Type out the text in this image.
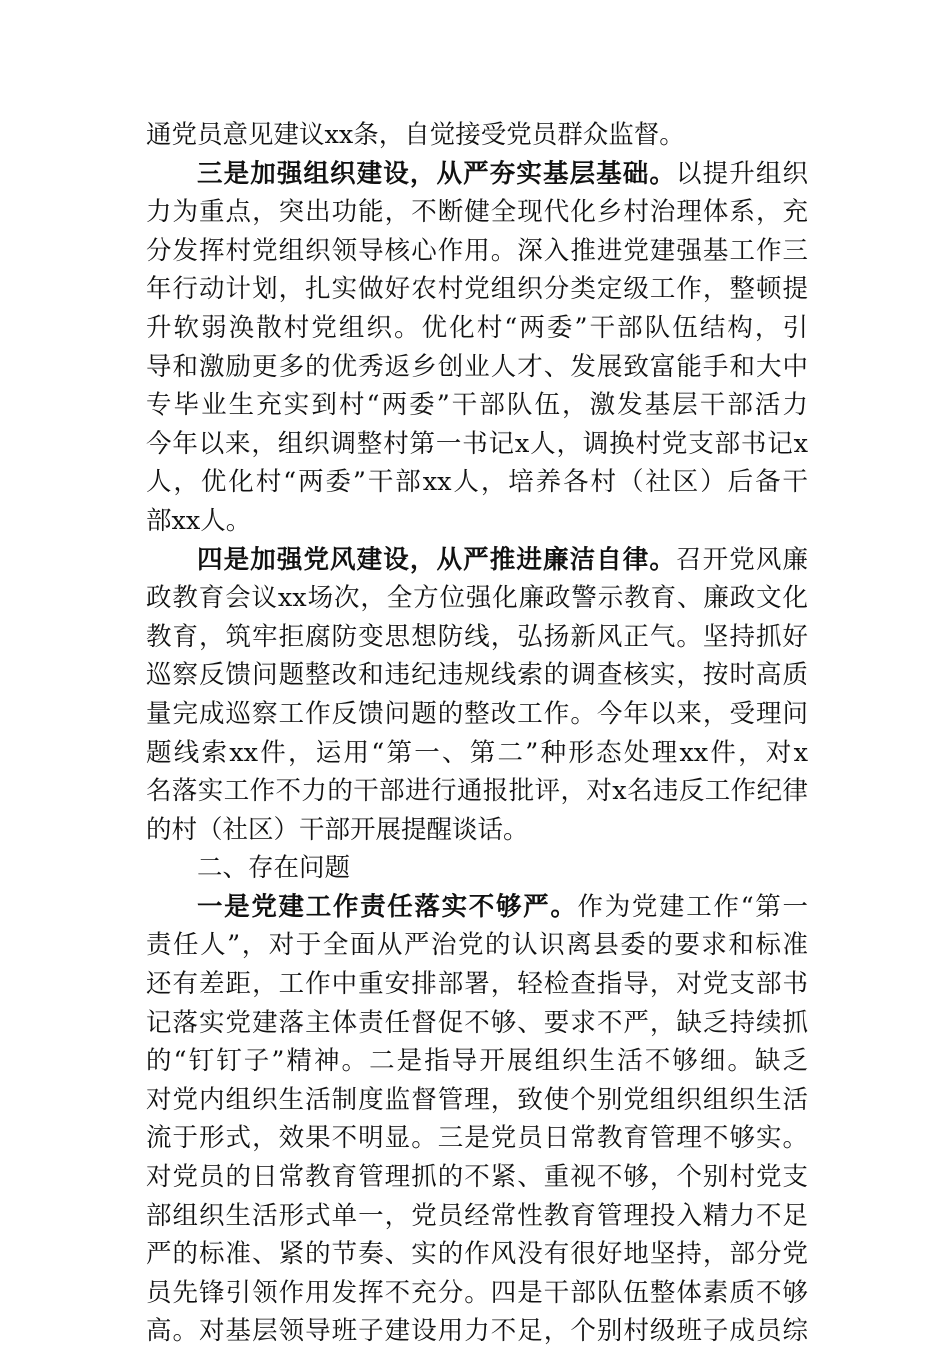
通党员意见建议xx条，自觉接受党员群众监督。
三是加强组织建设，从严夯实基层基础。以提升组织
力为重点，突出功能，不断健全现代化乡村治理体系，充
分发挥村党组织领导核心作用。深入推进党建强基工作三
年行动计划，扎实做好农村党组织分类定级工作，整顿提
升软弱涣散村党组织。优化村“两委”干部队伍结构，引
导和激励更多的优秀返乡创业人才、发展致富能手和大中
专毕业生充实到村“两委”干部队伍，激发基层干部活力
今年以来，组织调整村第一书记x人，调换村党支部书记x
人，优化村“两委”干部xx人，培养各村（社区）后备干
部xx人。
四是加强党风建设，从严推进廉洁自律。召开党风廉
政教育会议xx场次，全方位强化廉政警示教育、廉政文化
教育，筑牢拒腐防变思想防线，弘扬新风正气。坚持抓好
巡察反馈问题整改和违纪违规线索的调查核实，按时高质
量完成巡察工作反馈问题的整改工作。今年以来，受理问
题线索xx件，运用“第一、第二”种形态处理xx件，对x
名落实工作不力的干部进行通报批评，对x名违反工作纪律
的村（社区）干部开展提醒谈话。
二、存在问题
一是党建工作责任落实不够严。作为党建工作“第一
责任人”，对于全面从严治党的认识离县委的要求和标准
还有差距，工作中重安排部署，轻检查指导，对党支部书
记落实党建落主体责任督促不够、要求不严，缺乏持续抓
的“钉钉子”精神。二是指导开展组织生活不够细。缺乏
对党内组织生活制度监督管理，致使个别党组织组织生活
流于形式，效果不明显。三是党员日常教育管理不够实。
对党员的日常教育管理抓的不紧、重视不够，个别村党支
部组织生活形式单一，党员经常性教育管理投入精力不足
严的标准、紧的节奏、实的作风没有很好地坚持，部分党
员先锋引领作用发挥不充分。四是干部队伍整体素质不够
高。对基层领导班子建设用力不足，个别村级班子成员综
